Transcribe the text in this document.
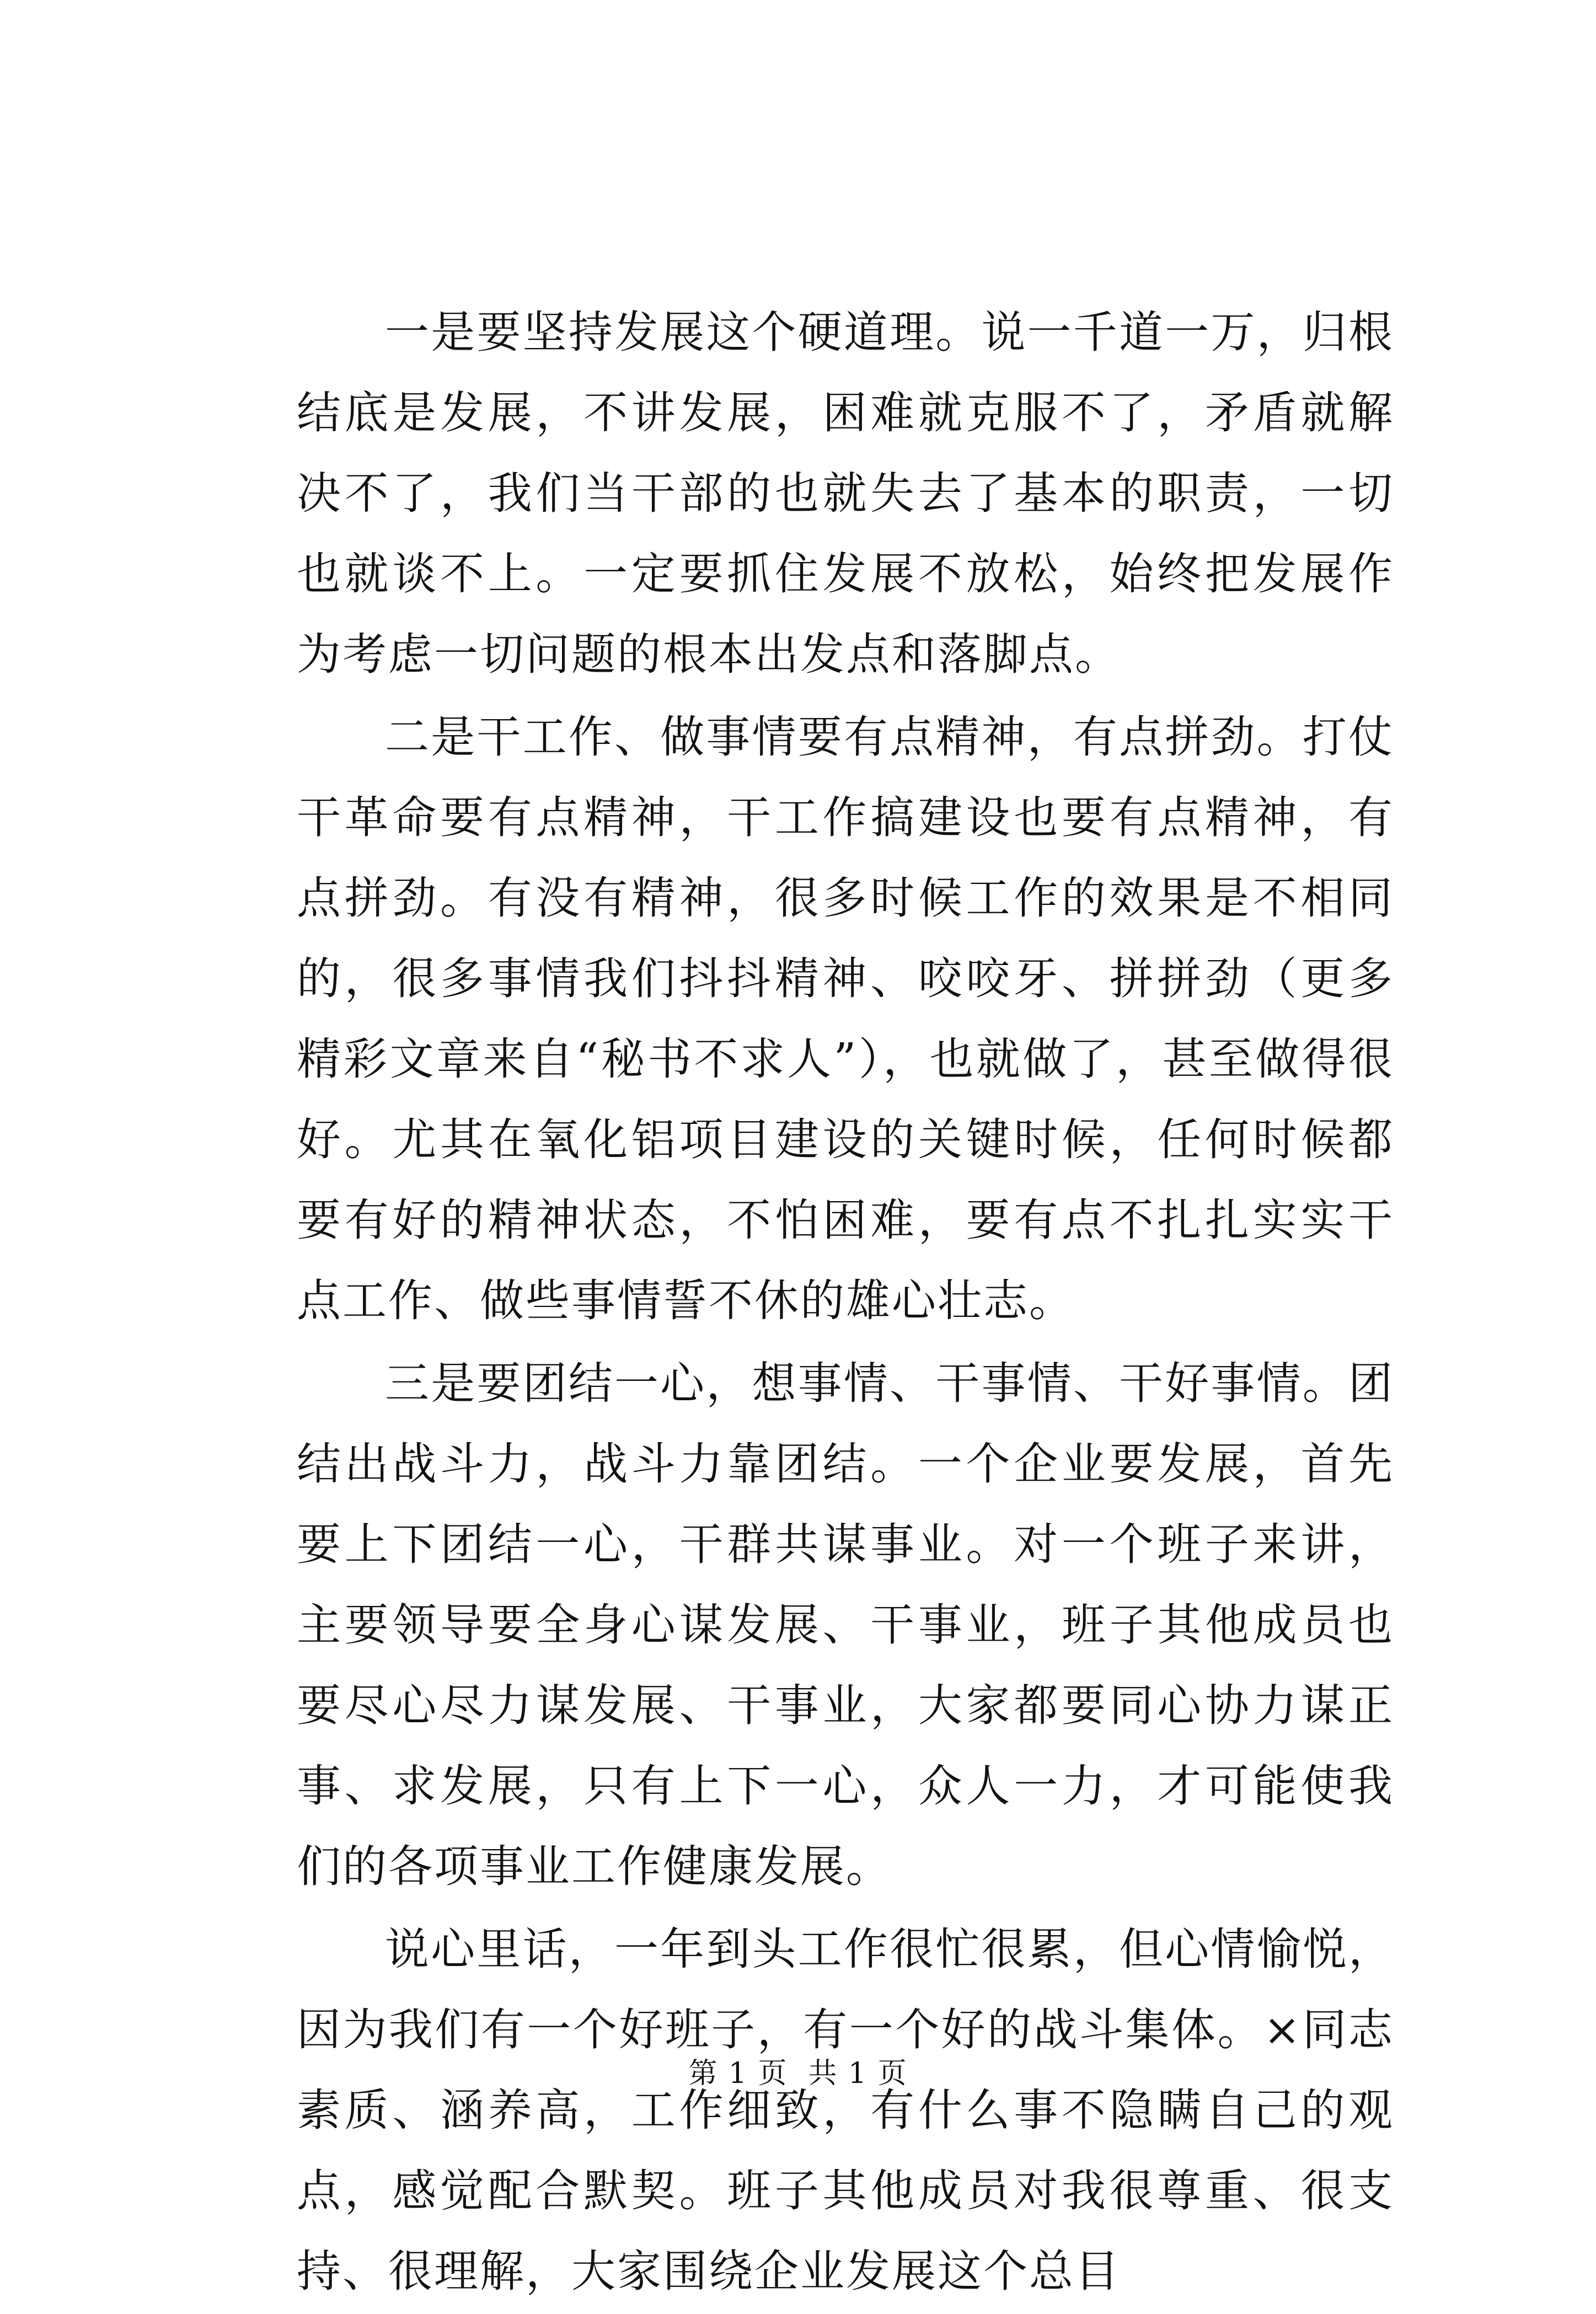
一是要坚持发展这个硬道理。说一千道一万，归根结底是发展，不讲发展，困难就克服不了，矛盾就解决不了，我们当干部的也就失去了基本的职责，一切也就谈不上。一定要抓住发展不放松，始终把发展作为考虑一切问题的根本出发点和落脚点。

二是干工作、做事情要有点精神，有点拼劲。打仗干革命要有点精神，干工作搞建设也要有点精神，有点拼劲。有没有精神，很多时候工作的效果是不相同的，很多事情我们抖抖精神、咬咬牙、拼拼劲（更多精彩文章来自“秘书不求人”），也就做了，甚至做得很好。尤其在氧化铝项目建设的关键时候，任何时候都要有好的精神状态，不怕困难，要有点不扎扎实实干点工作、做些事情誓不休的雄心壮志。

三是要团结一心，想事情、干事情、干好事情。团结出战斗力，战斗力靠团结。一个企业要发展，首先要上下团结一心，干群共谋事业。对一个班子来讲，主要领导要全身心谋发展、干事业，班子其他成员也要尽心尽力谋发展、干事业，大家都要同心协力谋正事、求发展，只有上下一心，众人一力，才可能使我们的各项事业工作健康发展。

说心里话，一年到头工作很忙很累，但心情愉悦，因为我们有一个好班子，有一个好的战斗集体。×同志素质、涵养高，工作细致，有什么事不隐瞒自己的观点，感觉配合默契。班子其他成员对我很尊重、很支持、很理解，大家围绕企业发展这个总目

第 1 页  共 1 页
